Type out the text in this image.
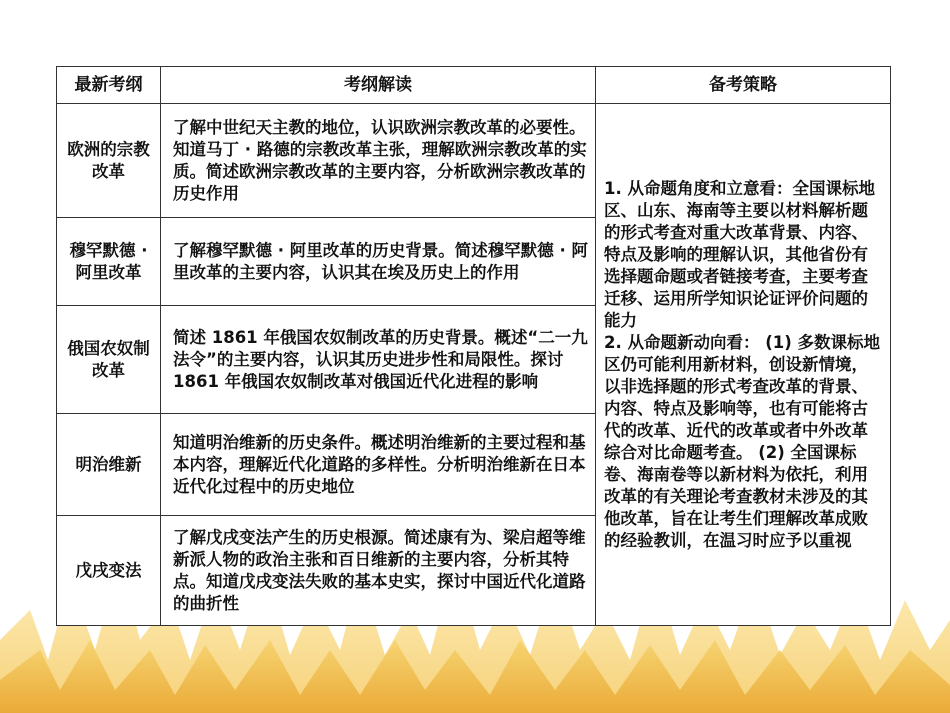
最新考纲	考纲解读	备考策略
欧洲的宗教改革	了解中世纪天主教的地位，认识欧洲宗教改革的必要性。知道马丁 · 路德的宗教改革主张，理解欧洲宗教改革的实质。简述欧洲宗教改革的主要内容，分析欧洲宗教改革的历史作用	1. 从命题角度和立意看：全国课标地区、山东、海南等主要以材料解析题的形式考查对重大改革背景、内容、特点及影响的理解认识，其他省份有选择题命题或者链接考查，主要考查迁移、运用所学知识论证评价问题的能力
2. 从命题新动向看： (1) 多数课标地区仍可能利用新材料，创设新情境，以非选择题的形式考查改革的背景、内容、特点及影响等，也有可能将古代的改革、近代的改革或者中外改革综合对比命题考查。 (2) 全国课标卷、海南卷等以新材料为依托，利用改革的有关理论考查教材未涉及的其他改革，旨在让考生们理解改革成败的经验教训，在温习时应予以重视

穆罕默德 · 阿里改革	了解穆罕默德 · 阿里改革的历史背景。简述穆罕默德 · 阿里改革的主要内容，认识其在埃及历史上的作用	
俄国农奴制改革	简述 1861 年俄国农奴制改革的历史背景。概述“二一九法令”的主要内容，认识其历史进步性和局限性。探讨 1861 年俄国农奴制改革对俄国近代化进程的影响	
明治维新	知道明治维新的历史条件。概述明治维新的主要过程和基本内容，理解近代化道路的多样性。分析明治维新在日本近代化过程中的历史地位	
戊戌变法	了解戊戌变法产生的历史根源。简述康有为、梁启超等维新派人物的政治主张和百日维新的主要内容，分析其特点。知道戊戌变法失败的基本史实，探讨中国近代化道路的曲折性	
